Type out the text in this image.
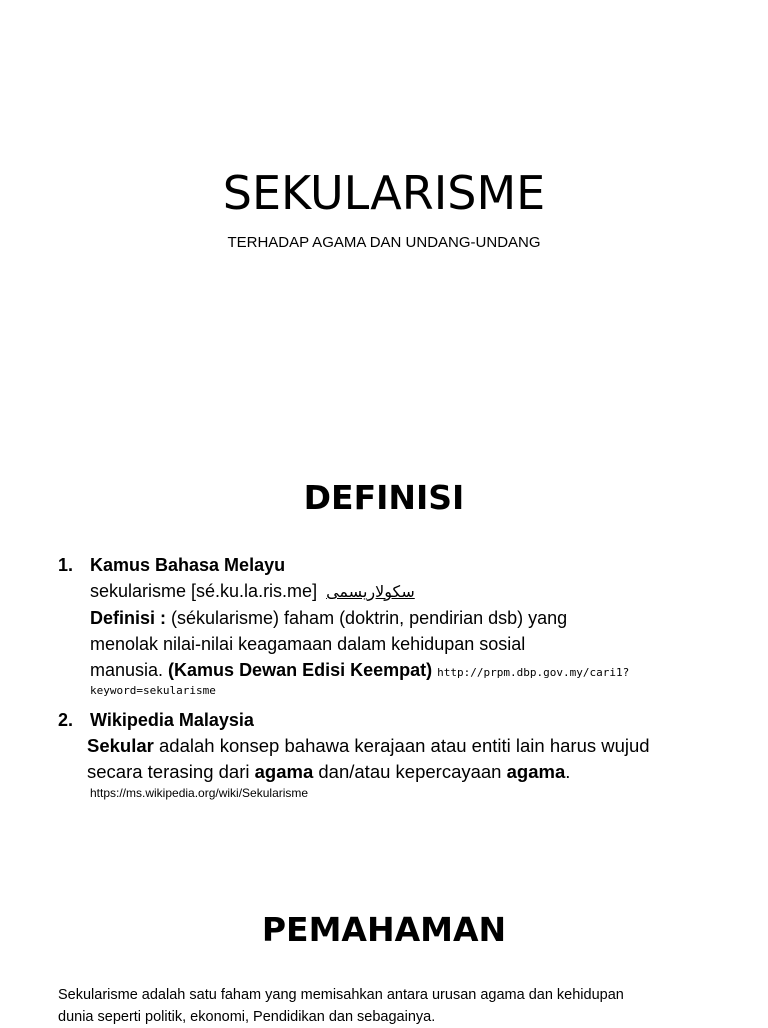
SEKULARISME

TERHADAP AGAMA DAN UNDANG-UNDANG

DEFINISI
1. Kamus Bahasa Melayu
sekularisme [sé.ku.la.ris.me] سکولاريسمى
Definisi : (sékularisme) faham (doktrin, pendirian dsb) yang
menolak nilai-nilai keagamaan dalam kehidupan sosial
manusia. (Kamus Dewan Edisi Keempat) http://prpm.dbp.gov.my/cari1?
keyword=sekularisme
2. Wikipedia Malaysia
Sekular adalah konsep bahawa kerajaan atau entiti lain harus wujud
secara terasing dari agama dan/atau kepercayaan agama.
https://ms.wikipedia.org/wiki/Sekularisme
PEMAHAMAN

Sekularisme adalah satu faham yang memisahkan antara urusan agama dan kehidupan
dunia seperti politik, ekonomi, Pendidikan dan sebagainya.
